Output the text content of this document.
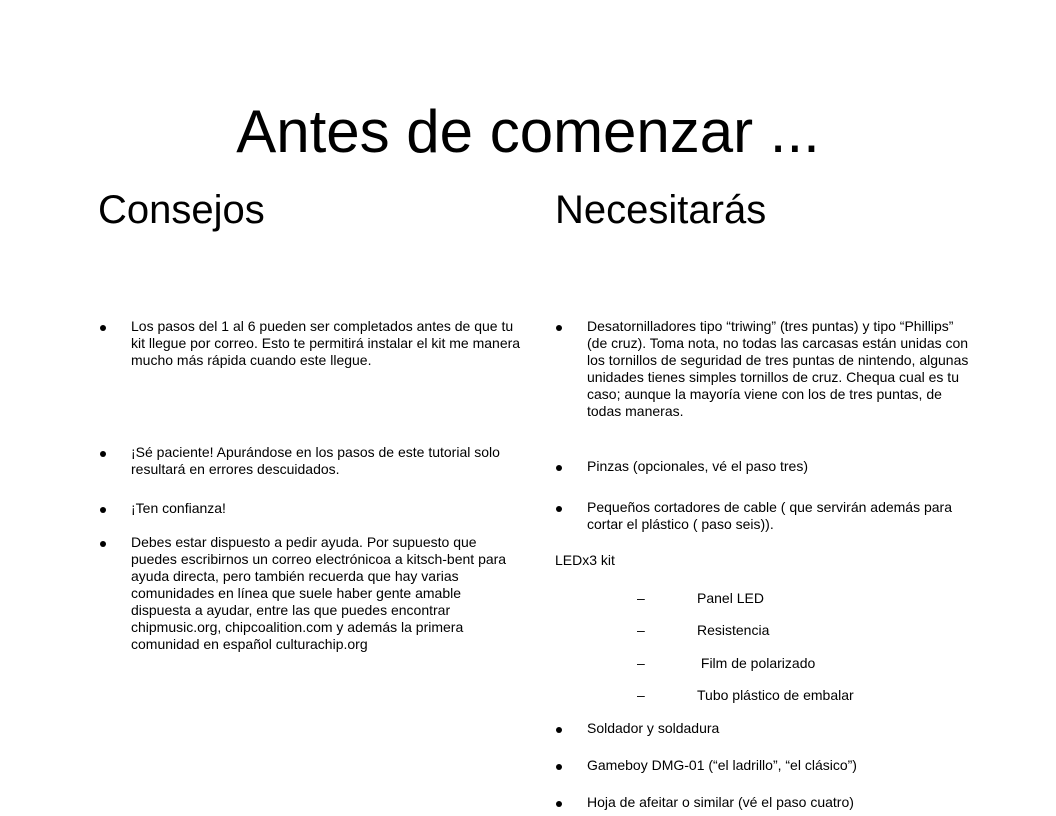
Antes de comenzar ...
Consejos	Necesitarás
Los pasos del 1 al 6 pueden ser completados antes de que tu kit llegue por correo. Esto te permitirá instalar el kit me manera mucho más rápida cuando este llegue.
¡Sé paciente! Apurándose en los pasos de este tutorial solo resultará en errores descuidados.
¡Ten confianza!
Debes estar dispuesto a pedir ayuda. Por supuesto que puedes escribirnos un correo electrónicoa a kitsch-bent para ayuda directa, pero también recuerda que hay varias comunidades en línea que suele haber gente amable dispuesta a ayudar, entre las que puedes encontrar chipmusic.org, chipcoalition.com y además la primera comunidad en español culturachip.org
Desatornilladores tipo “triwing” (tres puntas) y tipo “Phillips” (de cruz). Toma nota, no todas las carcasas están unidas con los tornillos de seguridad de tres puntas de nintendo, algunas unidades tienes simples tornillos de cruz. Chequa cual es tu caso; aunque la mayoría viene con los de tres puntas, de todas maneras.
Pinzas (opcionales, vé el paso tres)
Pequeños cortadores de cable ( que servirán además para cortar el plástico ( paso seis)).
LEDx3 kit
–	Panel LED
–	Resistencia
–	Film de polarizado
–	Tubo plástico de embalar
Soldador y soldadura
Gameboy DMG-01 (“el ladrillo”, “el clásico”)
Hoja de afeitar o similar (vé el paso cuatro)
